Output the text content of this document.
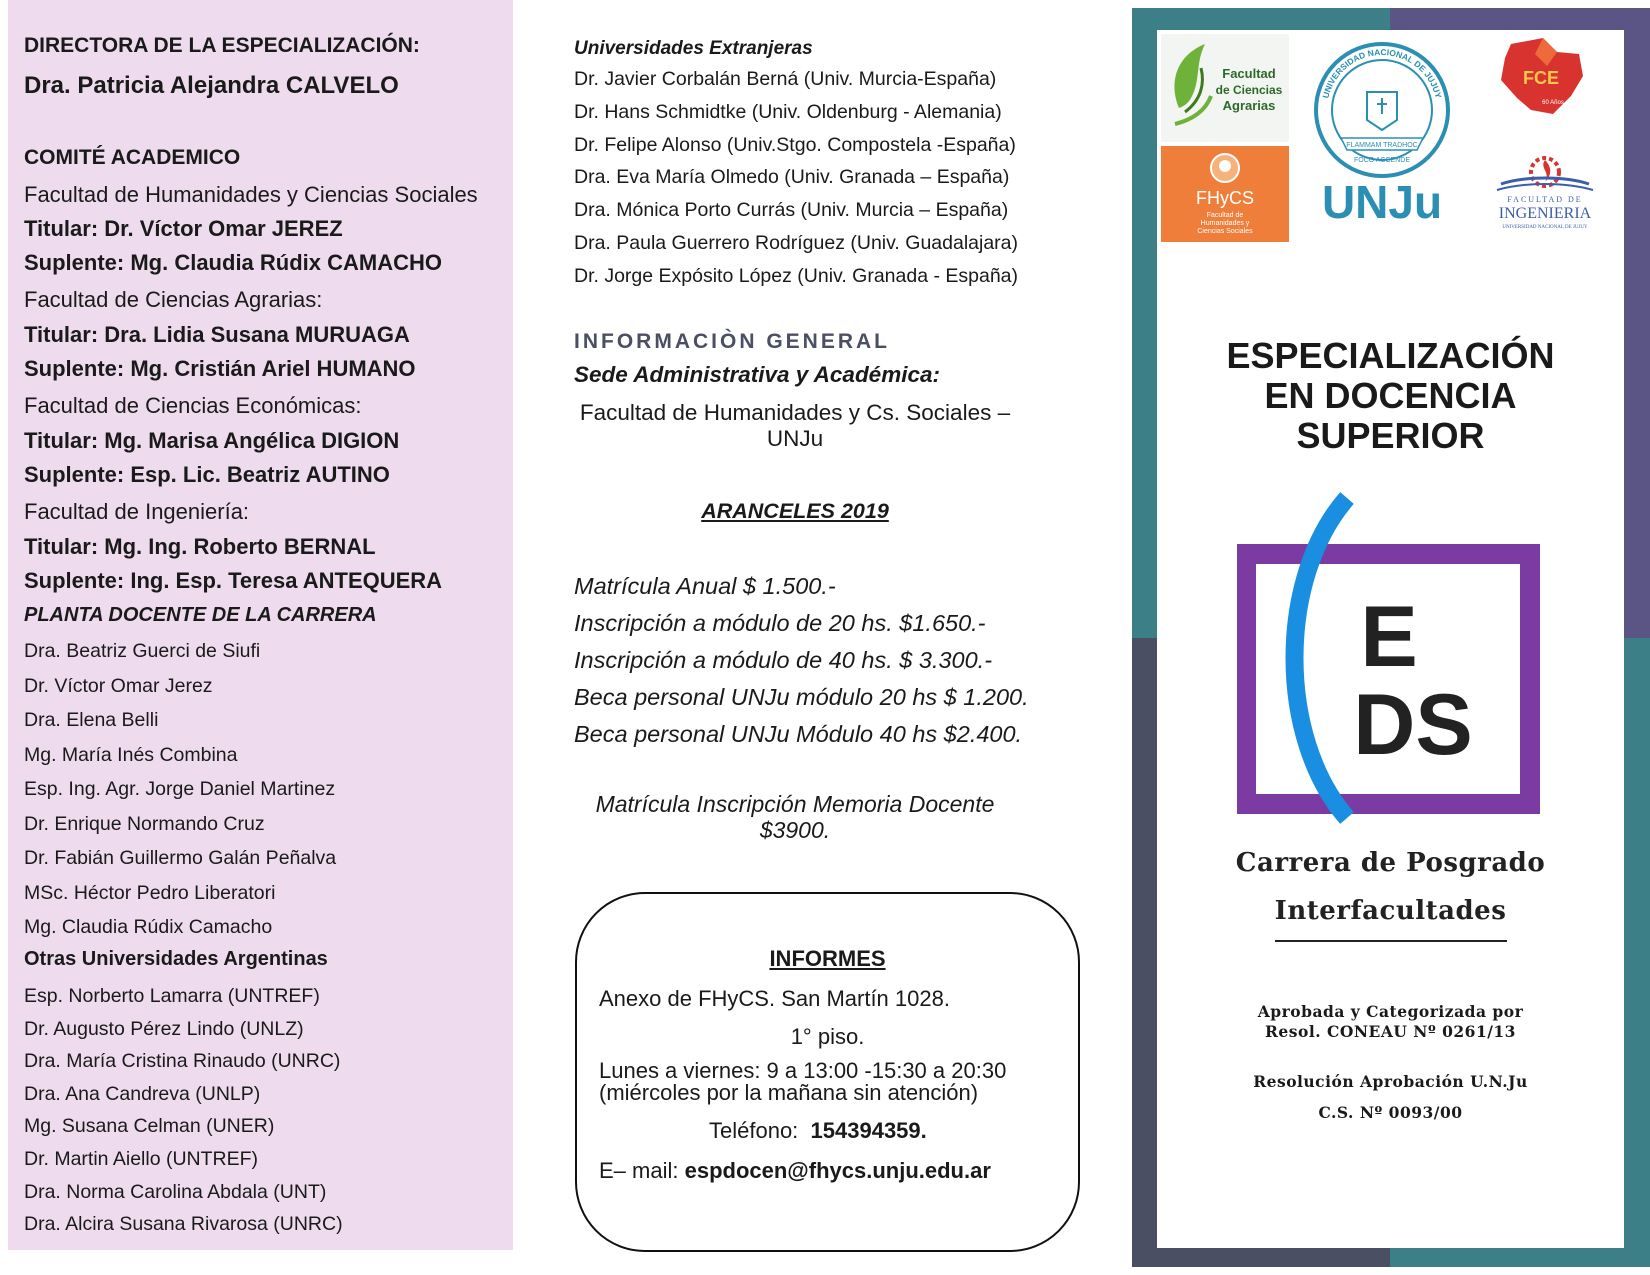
DIRECTORA DE LA ESPECIALIZACIÓN:
Dra. Patricia Alejandra CALVELO
COMITÉ ACADEMICO
Facultad de Humanidades y Ciencias Sociales
Titular: Dr. Víctor Omar JEREZ
Suplente: Mg. Claudia Rúdix CAMACHO
Facultad de Ciencias Agrarias:
Titular: Dra. Lidia Susana MURUAGA
Suplente: Mg. Cristián Ariel HUMANO
Facultad de Ciencias Económicas:
Titular: Mg. Marisa Angélica DIGION
Suplente: Esp. Lic. Beatriz AUTINO
Facultad de Ingeniería:
Titular: Mg. Ing. Roberto BERNAL
Suplente: Ing. Esp. Teresa ANTEQUERA
PLANTA DOCENTE DE LA CARRERA
Dra. Beatriz Guerci de Siufi
Dr. Víctor Omar Jerez
Dra. Elena Belli
Mg. María Inés Combina
Esp. Ing. Agr. Jorge Daniel Martinez
Dr. Enrique Normando Cruz
Dr. Fabián Guillermo Galán Peñalva
MSc. Héctor Pedro Liberatori
Mg. Claudia Rúdix Camacho
Otras Universidades Argentinas
Esp. Norberto Lamarra (UNTREF)
Dr. Augusto Pérez Lindo (UNLZ)
Dra. María Cristina Rinaudo (UNRC)
Dra. Ana Candreva (UNLP)
Mg. Susana Celman (UNER)
Dr. Martin Aiello (UNTREF)
Dra. Norma Carolina Abdala (UNT)
Dra. Alcira Susana Rivarosa (UNRC)
Universidades Extranjeras
Dr. Javier Corbalán Berná (Univ. Murcia-España)
Dr. Hans Schmidtke (Univ. Oldenburg - Alemania)
Dr. Felipe Alonso (Univ.Stgo. Compostela -España)
Dra. Eva María Olmedo (Univ. Granada – España)
Dra. Mónica Porto Currás (Univ. Murcia – España)
Dra. Paula Guerrero Rodríguez (Univ. Guadalajara)
Dr. Jorge Expósito López (Univ. Granada - España)
INFORMACIÒN GENERAL
Sede Administrativa y Académica:
Facultad de Humanidades y Cs. Sociales –
UNJu
ARANCELES 2019
Matrícula Anual $ 1.500.-
Inscripción a módulo de 20 hs. $1.650.-
Inscripción a módulo de 40 hs. $ 3.300.-
Beca personal UNJu módulo 20 hs $ 1.200.
Beca personal UNJu Módulo 40 hs $2.400.
Matrícula Inscripción Memoria Docente
$3900.
INFORMES
Anexo de FHyCS. San Martín 1028.
1° piso.
Lunes a viernes: 9 a 13:00 -15:30 a 20:30
(miércoles por la mañana sin atención)
Teléfono: 154394359.
E– mail: espdocen@fhycs.unju.edu.ar
Facultad
de Ciencias
Agrarias
FHyCS
Facultad de
Humanidades y
Ciencias Sociales
UNIVERSIDAD NACIONAL DE JUJUY
FLAMMAM TRADHOC
FOCO ACCENDE
UNJu
FCE
60 Años
FACULTAD DE
INGENIERIA
UNIVERSIDAD NACIONAL DE JUJUY
ESPECIALIZACIÓN
EN DOCENCIA
SUPERIOR
E
DS
Carrera de Posgrado
Interfacultades
Aprobada y Categorizada por
Resol. CONEAU Nº 0261/13
Resolución Aprobación U.N.Ju
C.S. Nº 0093/00
